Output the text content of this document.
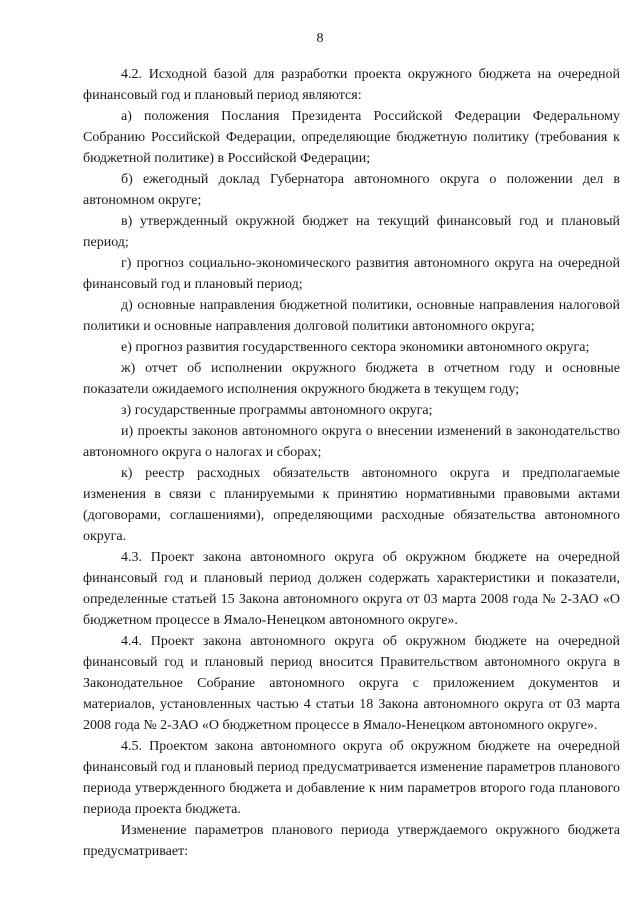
8

4.2. Исходной базой для разработки проекта окружного бюджета на очередной финансовый год и плановый период являются:

а) положения Послания Президента Российской Федерации Федеральному Собранию Российской Федерации, определяющие бюджетную политику (требования к бюджетной политике) в Российской Федерации;

б) ежегодный доклад Губернатора автономного округа о положении дел в автономном округе;

в) утвержденный окружной бюджет на текущий финансовый год и плановый период;

г) прогноз социально-экономического развития автономного округа на очередной финансовый год и плановый период;

д) основные направления бюджетной политики, основные направления налоговой политики и основные направления долговой политики автономного округа;

е) прогноз развития государственного сектора экономики автономного округа;

ж) отчет об исполнении окружного бюджета в отчетном году и основные показатели ожидаемого исполнения окружного бюджета в текущем году;

з) государственные программы автономного округа;

и) проекты законов автономного округа о внесении изменений в законодательство автономного округа о налогах и сборах;

к) реестр расходных обязательств автономного округа и предполагаемые изменения в связи с планируемыми к принятию нормативными правовыми актами (договорами, соглашениями), определяющими расходные обязательства автономного округа.

4.3. Проект закона автономного округа об окружном бюджете на очередной финансовый год и плановый период должен содержать характеристики и показатели, определенные статьей 15 Закона автономного округа от 03 марта 2008 года № 2-ЗАО «О бюджетном процессе в Ямало-Ненецком автономного округе».

4.4. Проект закона автономного округа об окружном бюджете на очередной финансовый год и плановый период вносится Правительством автономного округа в Законодательное Собрание автономного округа с приложением документов и материалов, установленных частью 4 статьи 18 Закона автономного округа от 03 марта 2008 года № 2-ЗАО «О бюджетном процессе в Ямало-Ненецком автономного округе».

4.5. Проектом закона автономного округа об окружном бюджете на очередной финансовый год и плановый период предусматривается изменение параметров планового периода утвержденного бюджета и добавление к ним параметров второго года планового периода проекта бюджета.

Изменение параметров планового периода утверждаемого окружного бюджета предусматривает:
